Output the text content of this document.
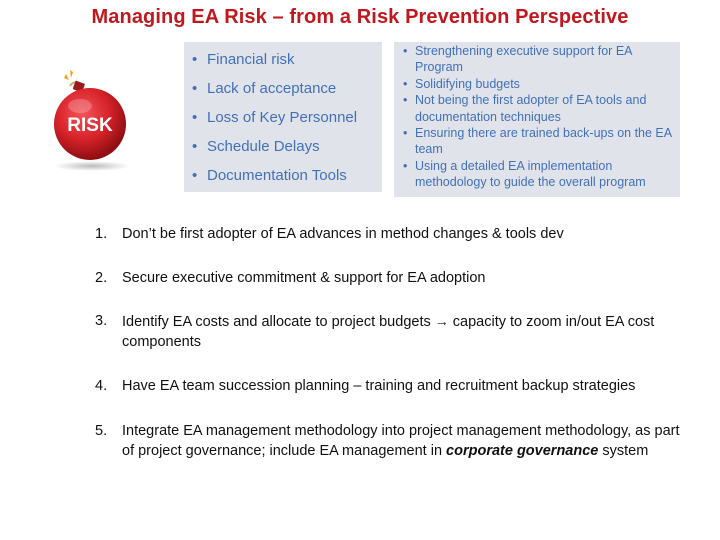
Managing EA Risk – from a Risk Prevention Perspective
RISK
• Financial risk
• Lack of acceptance
• Loss of Key Personnel
• Schedule Delays
• Documentation Tools
• Strengthening executive support for EA Program
• Solidifying budgets
• Not being the first adopter of EA tools and documentation techniques
• Ensuring there are trained back-ups on the EA team
• Using a detailed EA implementation methodology to guide the overall program
1. Don’t be first adopter of EA advances in method changes & tools dev
2. Secure executive commitment & support for EA adoption
3. Identify EA costs and allocate to project budgets → capacity to zoom in/out EA cost components
4. Have EA team succession planning – training and recruitment backup strategies
5. Integrate EA management methodology into project management methodology, as part of project governance; include EA management in corporate governance system
